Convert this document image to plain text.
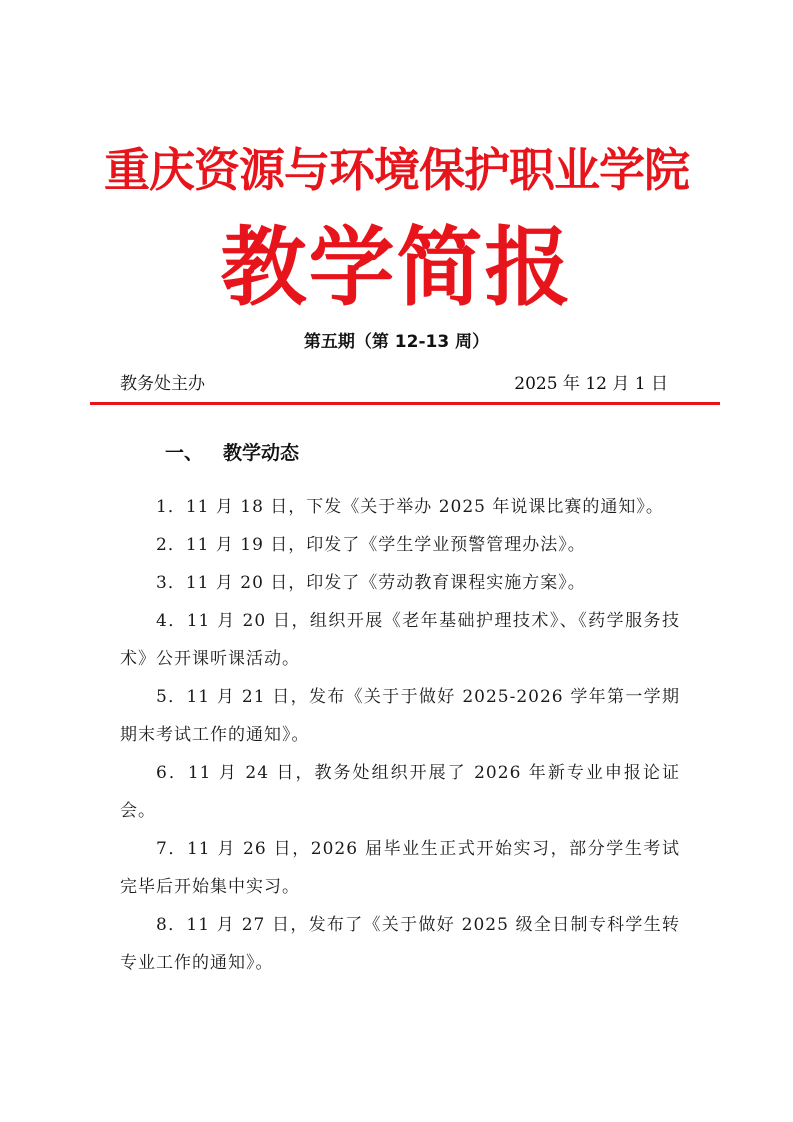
重庆资源与环境保护职业学院
教学简报
第五期（第 12-13 周）
教务处主办	2025 年 12 月 1 日
一、 教学动态
1．11 月 18 日，下发《关于举办 2025 年说课比赛的通知》。
2．11 月 19 日，印发了《学生学业预警管理办法》。
3．11 月 20 日，印发了《劳动教育课程实施方案》。
4．11 月 20 日，组织开展《老年基础护理技术》、《药学服务技术》公开课听课活动。
5．11 月 21 日，发布《关于于做好 2025-2026 学年第一学期期末考试工作的通知》。
6．11 月 24 日，教务处组织开展了 2026 年新专业申报论证会。
7．11 月 26 日，2026 届毕业生正式开始实习，部分学生考试完毕后开始集中实习。
8．11 月 27 日，发布了《关于做好 2025 级全日制专科学生转专业工作的通知》。
